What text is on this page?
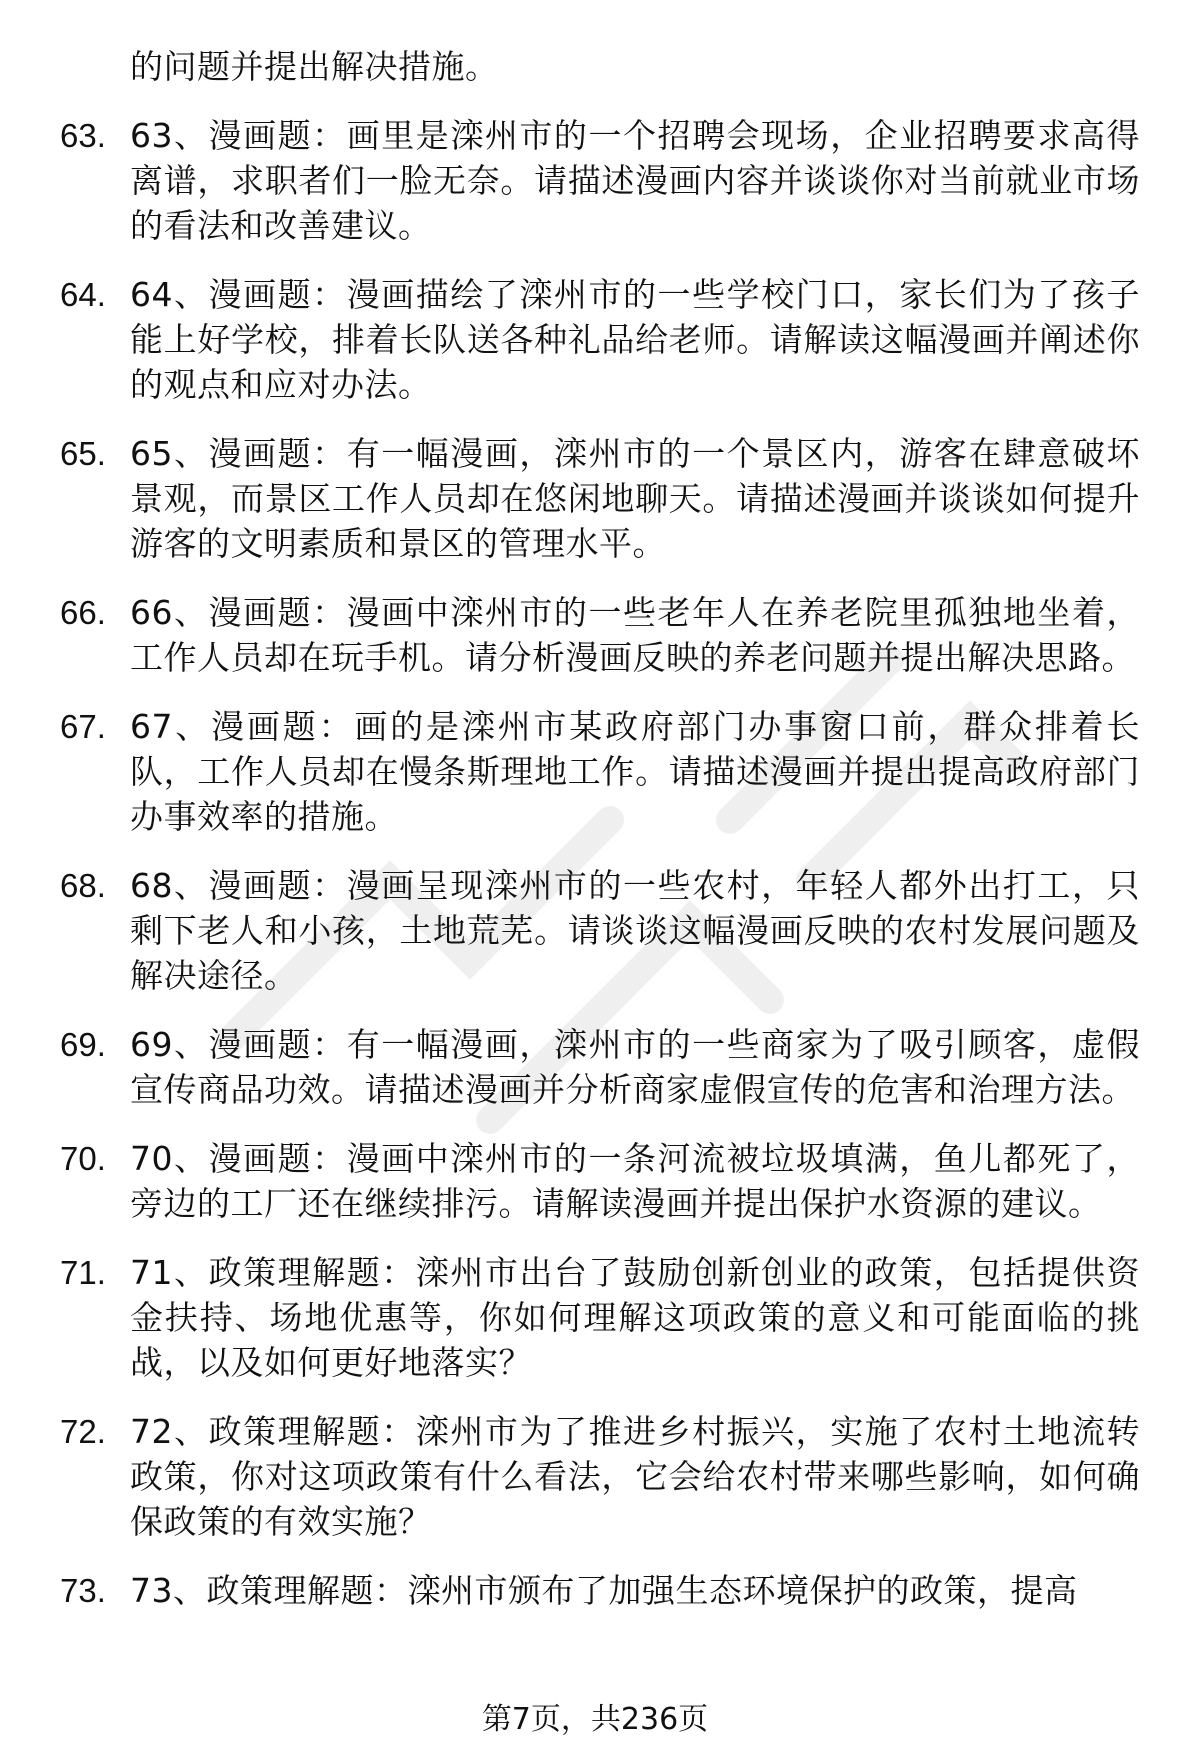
的问题并提出解决措施。
63. 63、漫画题：画里是滦州市的一个招聘会现场，企业招聘要求高得离谱，求职者们一脸无奈。请描述漫画内容并谈谈你对当前就业市场的看法和改善建议。
64. 64、漫画题：漫画描绘了滦州市的一些学校门口，家长们为了孩子能上好学校，排着长队送各种礼品给老师。请解读这幅漫画并阐述你的观点和应对办法。
65. 65、漫画题：有一幅漫画，滦州市的一个景区内，游客在肆意破坏景观，而景区工作人员却在悠闲地聊天。请描述漫画并谈谈如何提升游客的文明素质和景区的管理水平。
66. 66、漫画题：漫画中滦州市的一些老年人在养老院里孤独地坐着，工作人员却在玩手机。请分析漫画反映的养老问题并提出解决思路。
67. 67、漫画题：画的是滦州市某政府部门办事窗口前，群众排着长队，工作人员却在慢条斯理地工作。请描述漫画并提出提高政府部门办事效率的措施。
68. 68、漫画题：漫画呈现滦州市的一些农村，年轻人都外出打工，只剩下老人和小孩，土地荒芜。请谈谈这幅漫画反映的农村发展问题及解决途径。
69. 69、漫画题：有一幅漫画，滦州市的一些商家为了吸引顾客，虚假宣传商品功效。请描述漫画并分析商家虚假宣传的危害和治理方法。
70. 70、漫画题：漫画中滦州市的一条河流被垃圾填满，鱼儿都死了，旁边的工厂还在继续排污。请解读漫画并提出保护水资源的建议。
71. 71、政策理解题：滦州市出台了鼓励创新创业的政策，包括提供资金扶持、场地优惠等，你如何理解这项政策的意义和可能面临的挑战，以及如何更好地落实？
72. 72、政策理解题：滦州市为了推进乡村振兴，实施了农村土地流转政策，你对这项政策有什么看法，它会给农村带来哪些影响，如何确保政策的有效实施？
73. 73、政策理解题：滦州市颁布了加强生态环境保护的政策，提高
第7页，共236页
